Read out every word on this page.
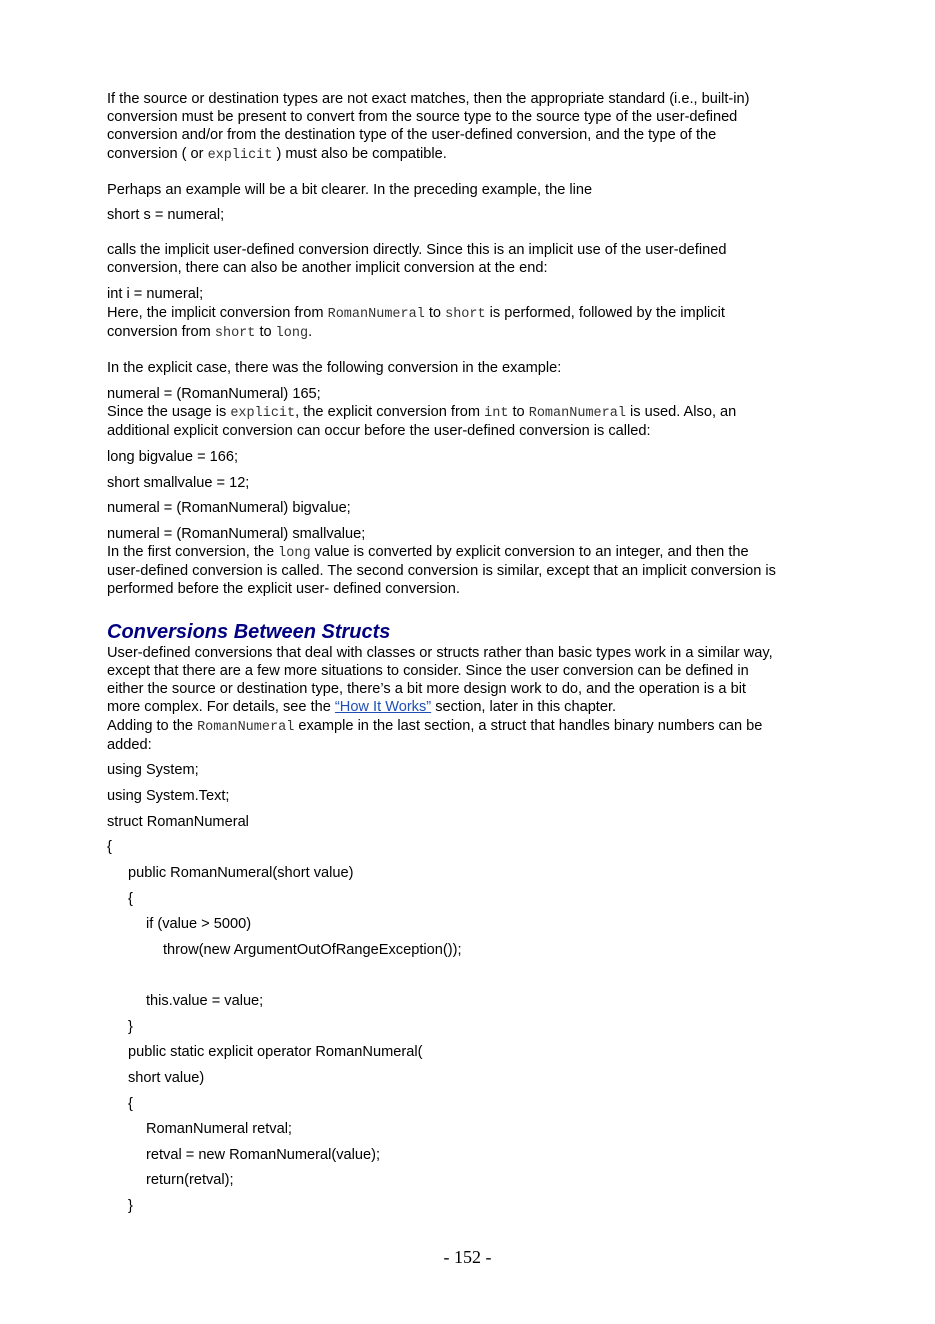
If the source or destination types are not exact matches, then the appropriate standard (i.e., built-in)
conversion must be present to convert from the source type to the source type of the user-defined
conversion and/or from the destination type of the user-defined conversion, and the type of the
conversion ( or explicit ) must also be compatible.
Perhaps an example will be a bit clearer. In the preceding example, the line
short s = numeral;
calls the implicit user-defined conversion directly. Since this is an implicit use of the user-defined
conversion, there can also be another implicit conversion at the end:
int i = numeral;
Here, the implicit conversion from RomanNumeral to short is performed, followed by the implicit
conversion from short to long.
In the explicit case, there was the following conversion in the example:
numeral = (RomanNumeral) 165;
Since the usage is explicit, the explicit conversion from int to RomanNumeral is used. Also, an
additional explicit conversion can occur before the user-defined conversion is called:
long bigvalue = 166;
short smallvalue = 12;
numeral = (RomanNumeral) bigvalue;
numeral = (RomanNumeral) smallvalue;
In the first conversion, the long value is converted by explicit conversion to an integer, and then the
user-defined conversion is called. The second conversion is similar, except that an implicit conversion is
performed before the explicit user- defined conversion.
Conversions Between Structs
User-defined conversions that deal with classes or structs rather than basic types work in a similar way,
except that there are a few more situations to consider. Since the user conversion can be defined in
either the source or destination type, there’s a bit more design work to do, and the operation is a bit
more complex. For details, see the “How It Works” section, later in this chapter.
Adding to the RomanNumeral example in the last section, a struct that handles binary numbers can be
added:
using System;
using System.Text;
struct RomanNumeral
{
public RomanNumeral(short value)
{
if (value > 5000)
throw(new ArgumentOutOfRangeException());
this.value = value;
}
public static explicit operator RomanNumeral(
short value)
{
RomanNumeral retval;
retval = new RomanNumeral(value);
return(retval);
}
- 152 -
